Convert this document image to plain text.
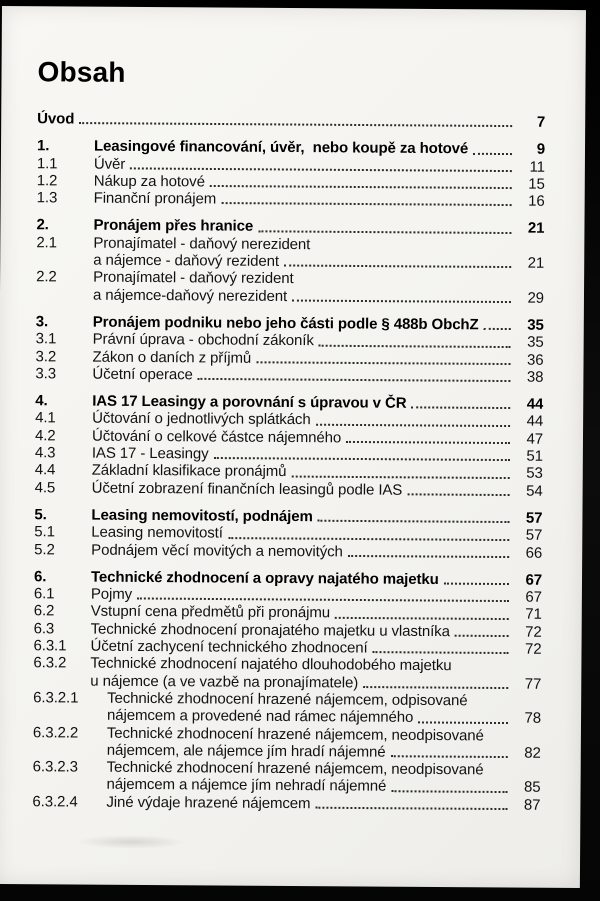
Obsah
Úvod	7
1.	Leasingové financování, úvěr,  nebo koupě za hotové	9
1.1	Úvěr	11
1.2	Nákup za hotové	15
1.3	Finanční pronájem	16
2.	Pronájem přes hranice	21
2.1	Pronajímatel - daňový nerezident
a nájemce - daňový rezident	21
2.2	Pronajímatel - daňový rezident
a nájemce-daňový nerezident	29
3.	Pronájem podniku nebo jeho části podle § 488b ObchZ	35
3.1	Právní úprava - obchodní zákoník	35
3.2	Zákon o daních z příjmů	36
3.3	Účetní operace	38
4.	IAS 17 Leasingy a porovnání s úpravou v ČR	44
4.1	Účtování o jednotlivých splátkách	44
4.2	Účtování o celkové částce nájemného	47
4.3	IAS 17 - Leasingy	51
4.4	Základní klasifikace pronájmů	53
4.5	Účetní zobrazení finančních leasingů podle IAS	54
5.	Leasing nemovitostí, podnájem	57
5.1	Leasing nemovitostí	57
5.2	Podnájem věcí movitých a nemovitých	66
6.	Technické zhodnocení a opravy najatého majetku	67
6.1	Pojmy	67
6.2	Vstupní cena předmětů při pronájmu	71
6.3	Technické zhodnocení pronajatého majetku u vlastníka	72
6.3.1	Účetní zachycení technického zhodnocení	72
6.3.2	Technické zhodnocení najatého dlouhodobého majetku
u nájemce (a ve vazbě na pronajímatele)	77
6.3.2.1	Technické zhodnocení hrazené nájemcem, odpisované
nájemcem a provedené nad rámec nájemného	78
6.3.2.2	Technické zhodnocení hrazené nájemcem, neodpisované
nájemcem, ale nájemce jím hradí nájemné	82
6.3.2.3	Technické zhodnocení hrazené nájemcem, neodpisované
nájemcem a nájemce jím nehradí nájemné	85
6.3.2.4	Jiné výdaje hrazené nájemcem	87
